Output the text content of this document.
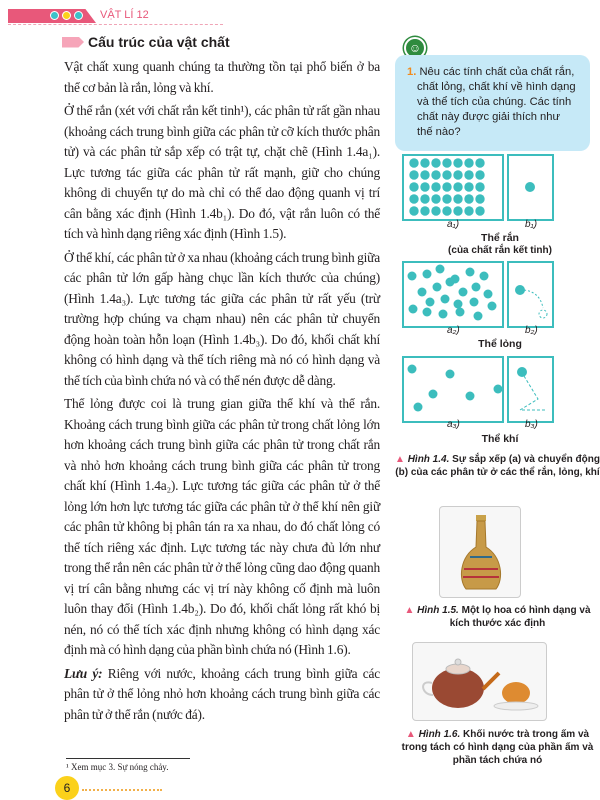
VẬT LÍ 12
Cấu trúc của vật chất

Vật chất xung quanh chúng ta thường tồn tại phổ biến ở ba thể cơ bản là rắn, lỏng và khí.

Ở thể rắn (xét với chất rắn kết tinh¹), các phân tử rất gần nhau (khoảng cách trung bình giữa các phân tử cỡ kích thước phân tử) và các phân tử sắp xếp có trật tự, chặt chẽ (Hình 1.4a₁). Lực tương tác giữa các phân tử rất mạnh, giữ cho chúng không di chuyển tự do mà chỉ có thể dao động quanh vị trí cân bằng xác định (Hình 1.4b₁). Do đó, vật rắn luôn có thể tích và hình dạng riêng xác định (Hình 1.5).

Ở thể khí, các phân tử ở xa nhau (khoảng cách trung bình giữa các phân tử lớn gấp hàng chục lần kích thước của chúng) (Hình 1.4a₃). Lực tương tác giữa các phân tử rất yếu (trừ trường hợp chúng va chạm nhau) nên các phân tử chuyển động hoàn toàn hỗn loạn (Hình 1.4b₃). Do đó, khối chất khí không có hình dạng và thể tích riêng mà nó có hình dạng và thể tích của bình chứa nó và có thể nén được dễ dàng.

Thể lỏng được coi là trung gian giữa thể khí và thể rắn. Khoảng cách trung bình giữa các phân tử trong chất lỏng lớn hơn khoảng cách trung bình giữa các phân tử trong chất rắn và nhỏ hơn khoảng cách trung bình giữa các phân tử trong chất khí (Hình 1.4a₂). Lực tương tác giữa các phân tử ở thể lỏng lớn hơn lực tương tác giữa các phân tử ở thể khí nên giữ các phân tử không bị phân tán ra xa nhau, do đó chất lỏng có thể tích riêng xác định. Lực tương tác này chưa đủ lớn như trong thể rắn nên các phân tử ở thể lỏng cũng dao động quanh vị trí cân bằng nhưng các vị trí này không cố định mà luôn luôn thay đổi (Hình 1.4b₂). Do đó, khối chất lỏng rất khó bị nén, nó có thể tích xác định nhưng không có hình dạng xác định mà có hình dạng của phần bình chứa nó (Hình 1.6).

Lưu ý: Riêng với nước, khoảng cách trung bình giữa các phân tử ở thể lỏng nhỏ hơn khoảng cách trung bình giữa các phân tử ở thể rắn (nước đá).

¹ Xem mục 3. Sự nóng chảy.
6
☺
1. Nêu các tính chất của chất rắn, chất lỏng, chất khí về hình dạng và thể tích của chúng. Các tính chất này được giải thích như thế nào?
a₁)	b₁)
Thể rắn
(của chất rắn kết tinh)
a₂)	b₂)
Thể lỏng
a₃)	b₃)
Thể khí
▲ Hình 1.4. Sự sắp xếp (a) và chuyển động (b) của các phân tử ở các thể rắn, lỏng, khí
▲ Hình 1.5. Một lọ hoa có hình dạng và kích thước xác định
▲ Hình 1.6. Khối nước trà trong ấm và trong tách có hình dạng của phần ấm và phần tách chứa nó
